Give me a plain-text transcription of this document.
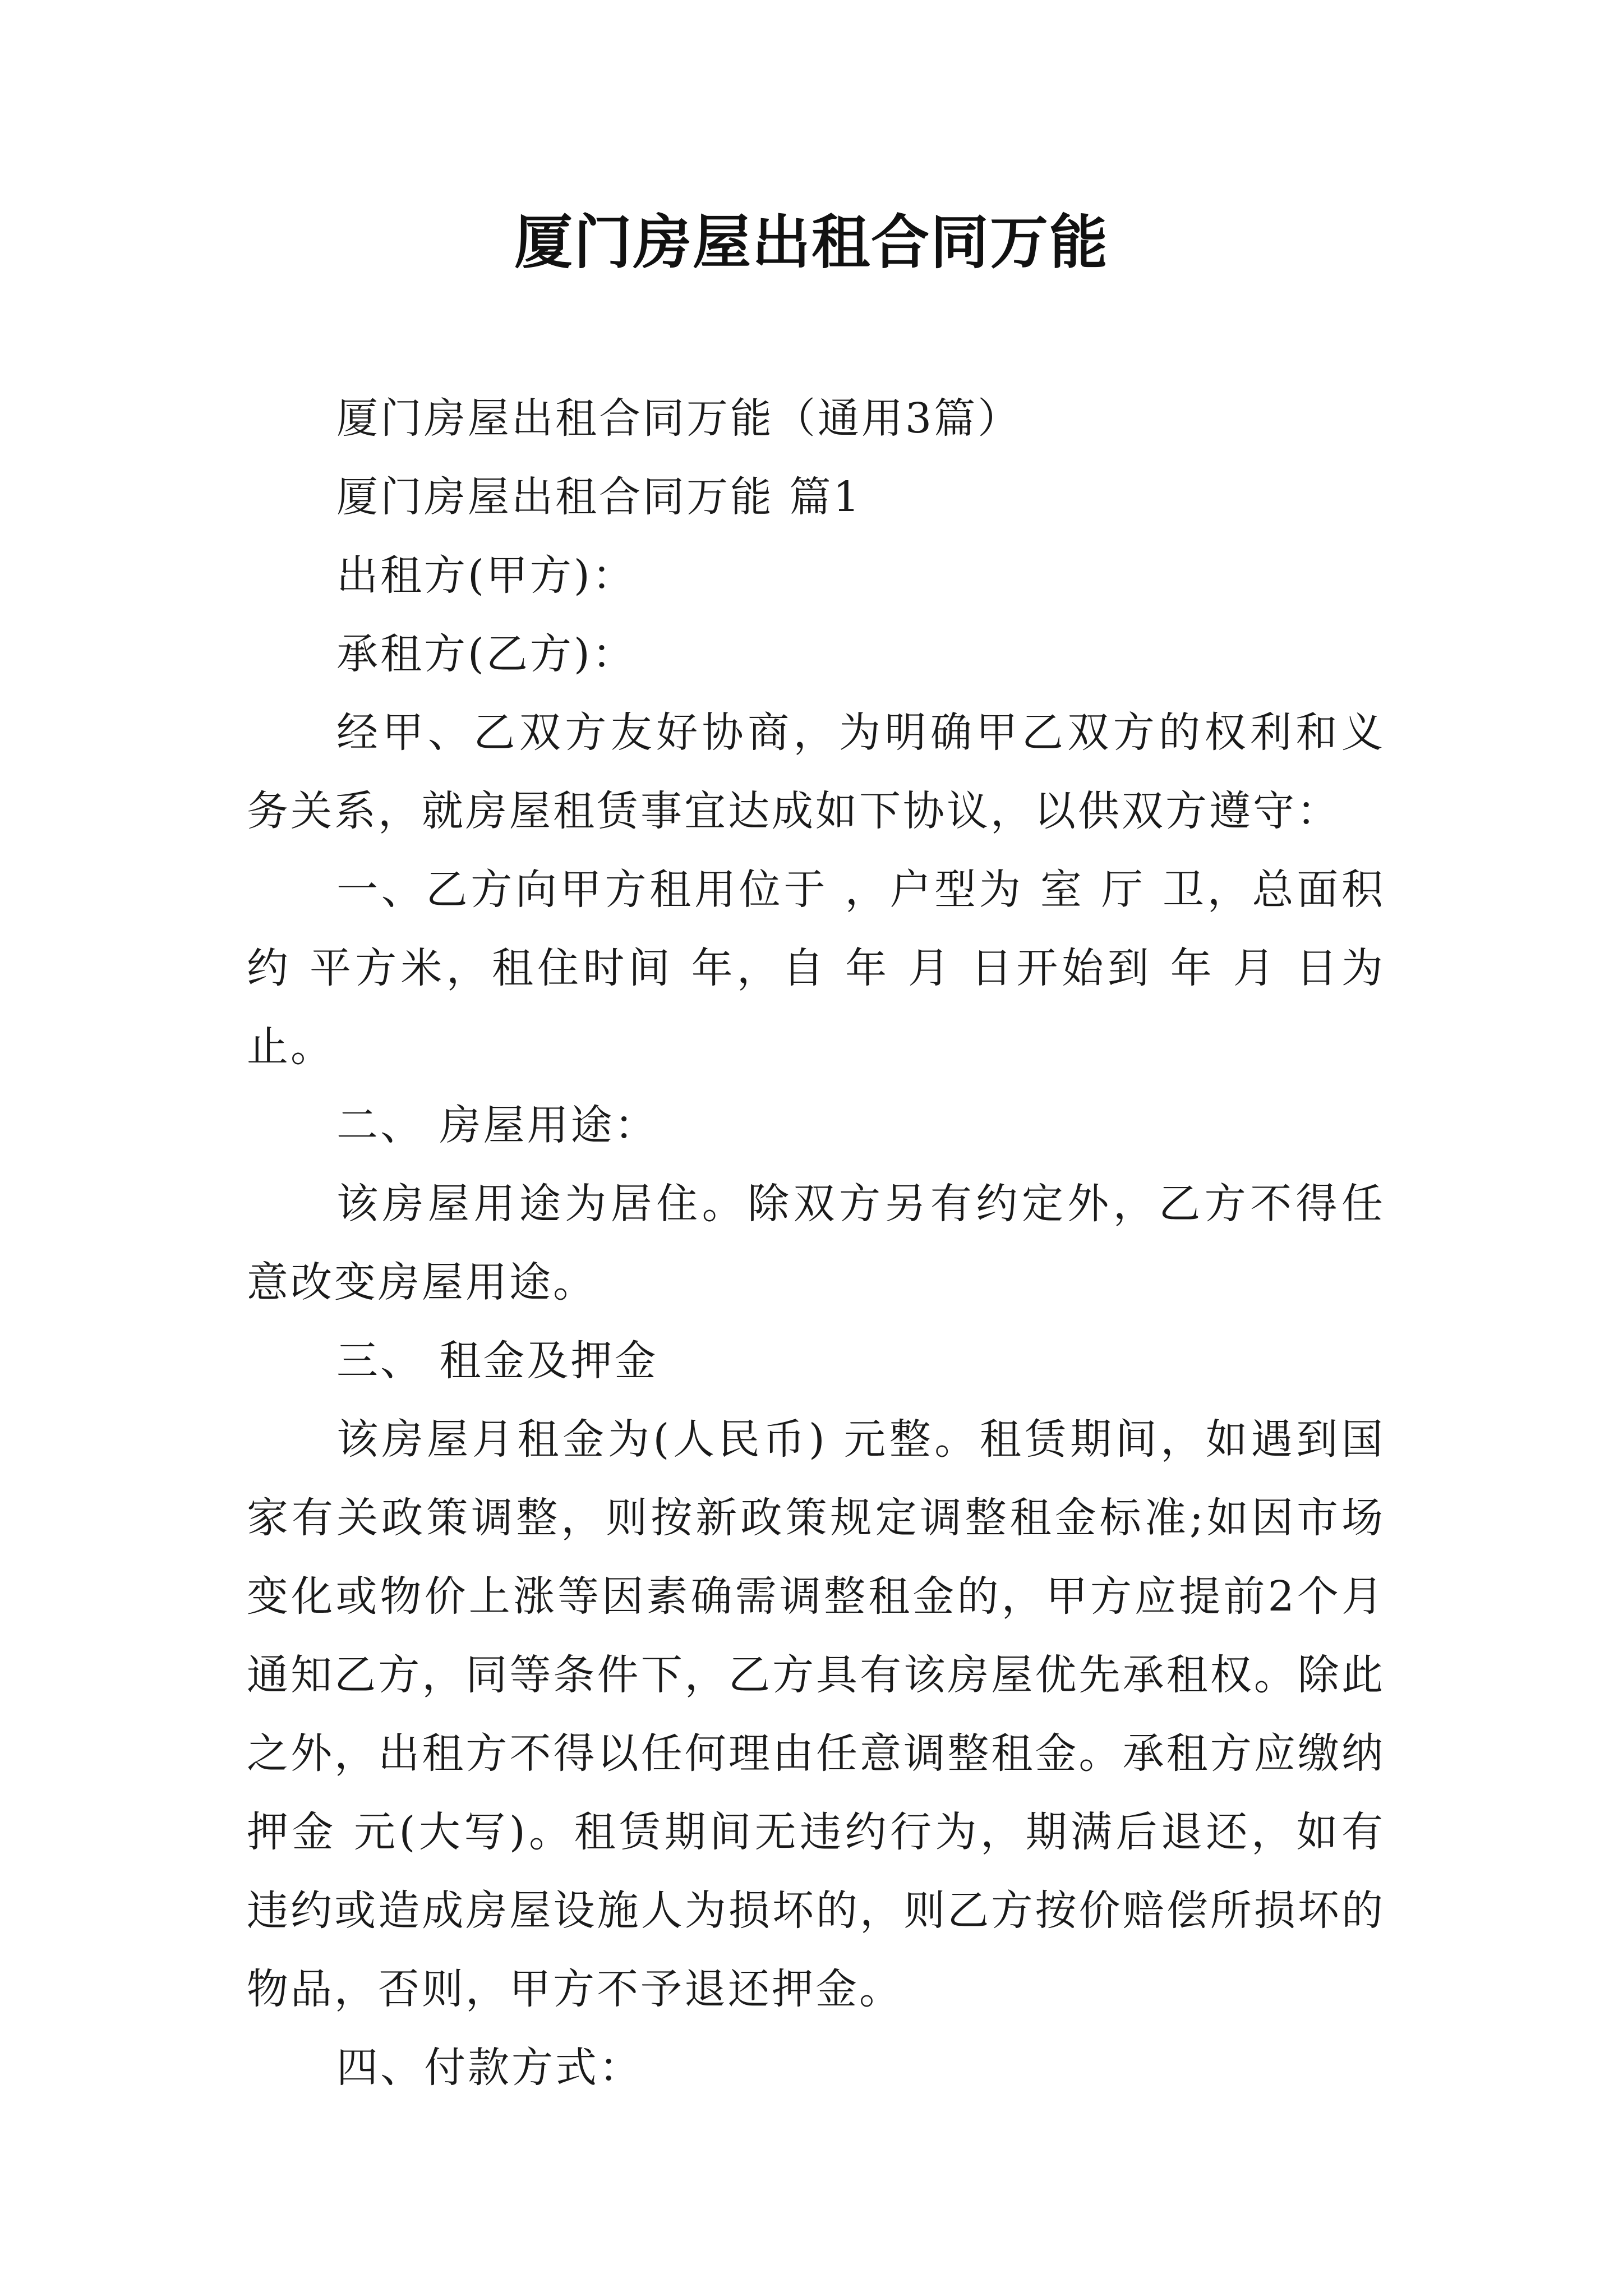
厦门房屋出租合同万能

厦门房屋出租合同万能（通用3篇）

厦门房屋出租合同万能 篇1

出租方(甲方)：

承租方(乙方)：

经甲、乙双方友好协商，为明确甲乙双方的权利和义务关系，就房屋租赁事宜达成如下协议，以供双方遵守：

一、乙方向甲方租用位于 ，户型为 室 厅 卫，总面积约 平方米，租住时间 年，自 年 月 日开始到 年 月 日为止。

二、 房屋用途：

该房屋用途为居住。除双方另有约定外，乙方不得任意改变房屋用途。

三、 租金及押金

该房屋月租金为(人民币) 元整。租赁期间，如遇到国家有关政策调整，则按新政策规定调整租金标准;如因市场变化或物价上涨等因素确需调整租金的，甲方应提前2个月通知乙方，同等条件下，乙方具有该房屋优先承租权。除此之外，出租方不得以任何理由任意调整租金。承租方应缴纳押金 元(大写)。租赁期间无违约行为，期满后退还，如有违约或造成房屋设施人为损坏的，则乙方按价赔偿所损坏的物品，否则，甲方不予退还押金。

四、付款方式：
